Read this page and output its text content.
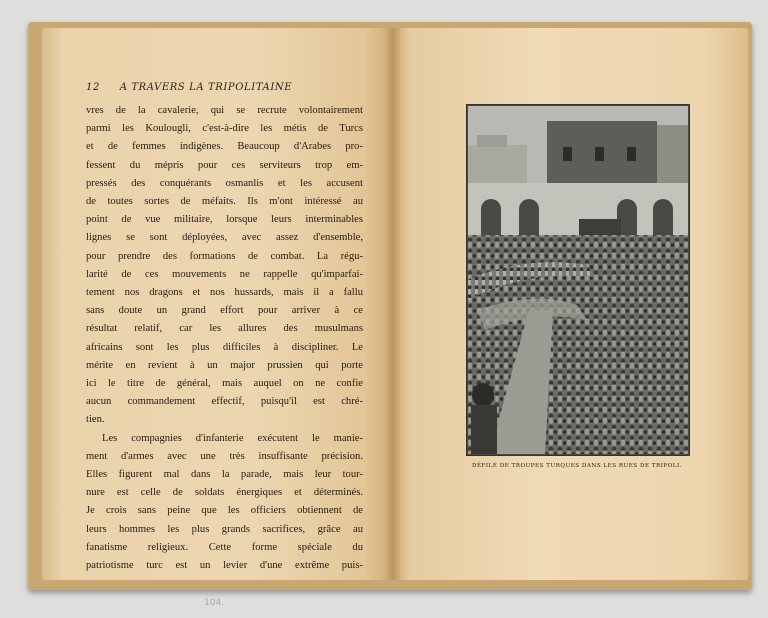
12 A TRAVERS LA TRIPOLITAINE
vres de la cavalerie, qui se recrute volontairement
parmi les Koulougli, c'est-à-dire les métis de Turcs
et de femmes indigènes. Beaucoup d'Arabes pro-
fessent du mépris pour ces serviteurs trop em-
pressés des conquérants osmanlis et les accusent
de toutes sortes de méfaits. Ils m'ont intéressé au
point de vue militaire, lorsque leurs interminables
lignes se sont déployées, avec assez d'ensemble,
pour prendre des formations de combat. La régu-
larité de ces mouvements ne rappelle qu'imparfai-
tement nos dragons et nos hussards, mais il a fallu
sans doute un grand effort pour arriver à ce
résultat relatif, car les allures des musulmans
africains sont les plus difficiles à discipliner. Le
mérite en revient à un major prussien qui porte
ici le titre de général, mais auquel on ne confie
aucun commandement effectif, puisqu'il est chré-
tien.
Les compagnies d'infanterie exécutent le manie-
ment d'armes avec une très insuffisante précision.
Elles figurent mal dans la parade, mais leur tour-
nure est celle de soldats énergiques et déterminés.
Je crois sans peine que les officiers obtiennent de
leurs hommes les plus grands sacrifices, grâce au
fanatisme religieux. Cette forme spéciale du
patriotisme turc est un levier d'une extrême puis-
DÉFILÉ DE TROUPES TURQUES DANS LES RUES DE TRIPOLI.
104.
